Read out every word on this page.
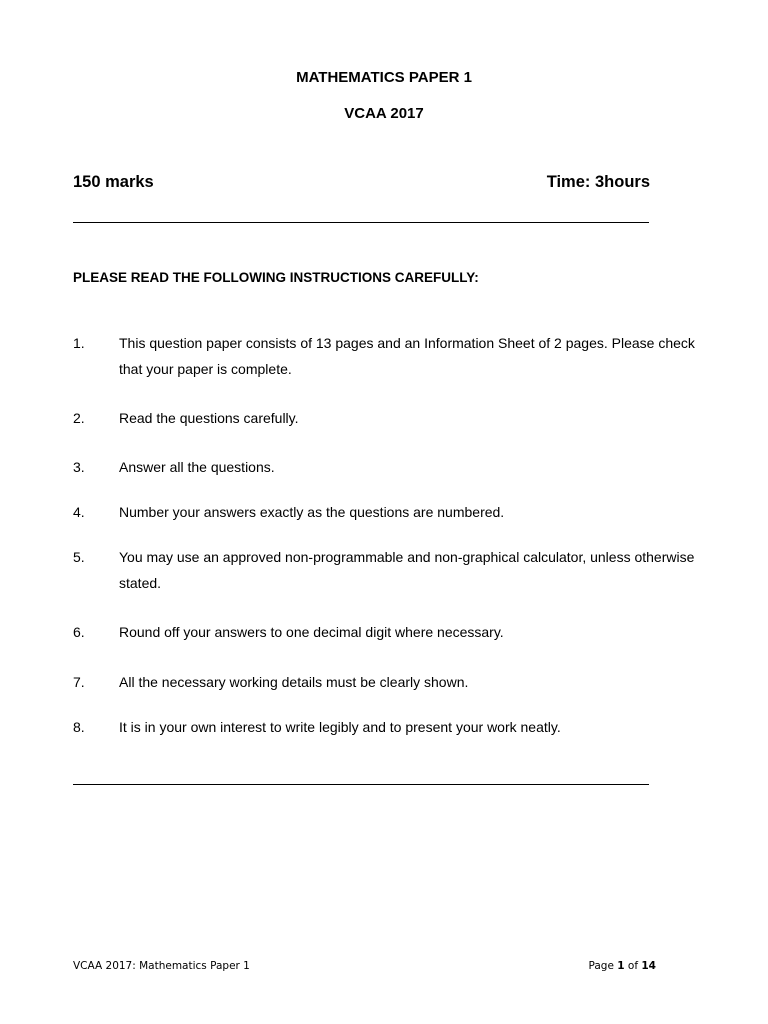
MATHEMATICS PAPER 1
VCAA 2017
150 marks	Time: 3hours
PLEASE READ THE FOLLOWING INSTRUCTIONS CAREFULLY:
1. This question paper consists of 13 pages and an Information Sheet of 2 pages. Please check that your paper is complete.
2. Read the questions carefully.
3. Answer all the questions.
4. Number your answers exactly as the questions are numbered.
5. You may use an approved non-programmable and non-graphical calculator, unless otherwise stated.
6. Round off your answers to one decimal digit where necessary.
7. All the necessary working details must be clearly shown.
8. It is in your own interest to write legibly and to present your work neatly.
VCAA 2017: Mathematics Paper 1	Page 1 of 14
